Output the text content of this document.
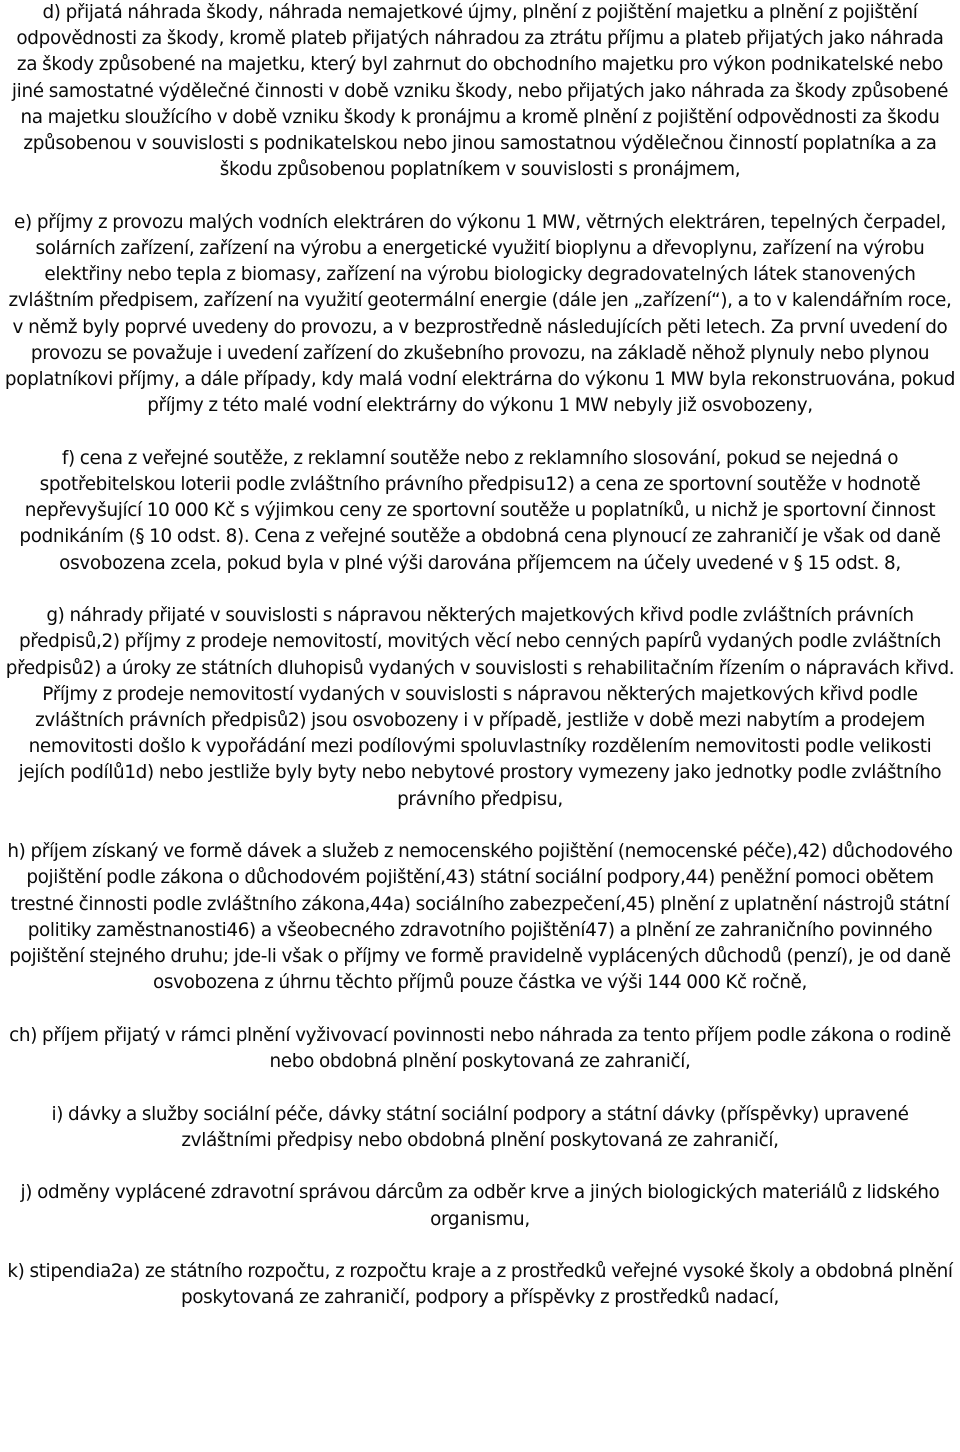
d) přijatá náhrada škody, náhrada nemajetkové újmy, plnění z pojištění majetku a plnění z pojištění odpovědnosti za škody, kromě plateb přijatých náhradou za ztrátu příjmu a plateb přijatých jako náhrada za škody způsobené na majetku, který byl zahrnut do obchodního majetku pro výkon podnikatelské nebo jiné samostatné výdělečné činnosti v době vzniku škody, nebo přijatých jako náhrada za škody způsobené na majetku sloužícího v době vzniku škody k pronájmu a kromě plnění z pojištění odpovědnosti za škodu způsobenou v souvislosti s podnikatelskou nebo jinou samostatnou výdělečnou činností poplatníka a za škodu způsobenou poplatníkem v souvislosti s pronájmem,

e) příjmy z provozu malých vodních elektráren do výkonu 1 MW, větrných elektráren, tepelných čerpadel, solárních zařízení, zařízení na výrobu a energetické využití bioplynu a dřevoplynu, zařízení na výrobu elektřiny nebo tepla z biomasy, zařízení na výrobu biologicky degradovatelných látek stanovených zvláštním předpisem, zařízení na využití geotermální energie (dále jen „zařízení“), a to v kalendářním roce, v němž byly poprvé uvedeny do provozu, a v bezprostředně následujících pěti letech. Za první uvedení do provozu se považuje i uvedení zařízení do zkušebního provozu, na základě něhož plynuly nebo plynou poplatníkovi příjmy, a dále případy, kdy malá vodní elektrárna do výkonu 1 MW byla rekonstruována, pokud příjmy z této malé vodní elektrárny do výkonu 1 MW nebyly již osvobozeny,

f) cena z veřejné soutěže, z reklamní soutěže nebo z reklamního slosování, pokud se nejedná o spotřebitelskou loterii podle zvláštního právního předpisu12) a cena ze sportovní soutěže v hodnotě nepřevyšující 10 000 Kč s výjimkou ceny ze sportovní soutěže u poplatníků, u nichž je sportovní činnost podnikáním (§ 10 odst. 8). Cena z veřejné soutěže a obdobná cena plynoucí ze zahraničí je však od daně osvobozena zcela, pokud byla v plné výši darována příjemcem na účely uvedené v § 15 odst. 8,

g) náhrady přijaté v souvislosti s nápravou některých majetkových křivd podle zvláštních právních předpisů,2) příjmy z prodeje nemovitostí, movitých věcí nebo cenných papírů vydaných podle zvláštních předpisů2) a úroky ze státních dluhopisů vydaných v souvislosti s rehabilitačním řízením o nápravách křivd. Příjmy z prodeje nemovitostí vydaných v souvislosti s nápravou některých majetkových křivd podle zvláštních právních předpisů2) jsou osvobozeny i v případě, jestliže v době mezi nabytím a prodejem nemovitosti došlo k vypořádání mezi podílovými spoluvlastníky rozdělením nemovitosti podle velikosti jejích podílů1d) nebo jestliže byly byty nebo nebytové prostory vymezeny jako jednotky podle zvláštního právního předpisu,

h) příjem získaný ve formě dávek a služeb z nemocenského pojištění (nemocenské péče),42) důchodového pojištění podle zákona o důchodovém pojištění,43) státní sociální podpory,44) peněžní pomoci obětem trestné činnosti podle zvláštního zákona,44a) sociálního zabezpečení,45) plnění z uplatnění nástrojů státní politiky zaměstnanosti46) a všeobecného zdravotního pojištění47) a plnění ze zahraničního povinného pojištění stejného druhu; jde-li však o příjmy ve formě pravidelně vyplácených důchodů (penzí), je od daně osvobozena z úhrnu těchto příjmů pouze částka ve výši 144 000 Kč ročně,

ch) příjem přijatý v rámci plnění vyživovací povinnosti nebo náhrada za tento příjem podle zákona o rodině nebo obdobná plnění poskytovaná ze zahraničí,

i) dávky a služby sociální péče, dávky státní sociální podpory a státní dávky (příspěvky) upravené zvláštními předpisy nebo obdobná plnění poskytovaná ze zahraničí,

j) odměny vyplácené zdravotní správou dárcům za odběr krve a jiných biologických materiálů z lidského organismu,

k) stipendia2a) ze státního rozpočtu, z rozpočtu kraje a z prostředků veřejné vysoké školy a obdobná plnění poskytovaná ze zahraničí, podpory a příspěvky z prostředků nadací,
